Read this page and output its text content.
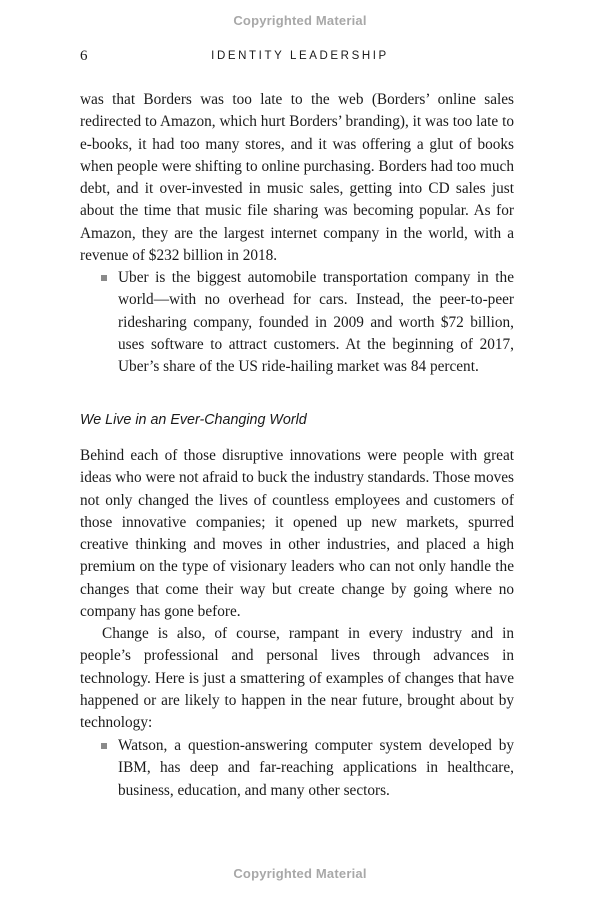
Copyrighted Material
6	IDENTITY LEADERSHIP
was that Borders was too late to the web (Borders’ online sales redirected to Amazon, which hurt Borders’ branding), it was too late to e-books, it had too many stores, and it was offering a glut of books when people were shifting to online purchasing. Borders had too much debt, and it over-invested in music sales, getting into CD sales just about the time that music file sharing was becoming popular. As for Amazon, they are the largest internet company in the world, with a revenue of $232 billion in 2018.
Uber is the biggest automobile transportation company in the world—with no overhead for cars. Instead, the peer-to-peer ridesharing company, founded in 2009 and worth $72 billion, uses software to attract customers. At the beginning of 2017, Uber’s share of the US ride-hailing market was 84 percent.
We Live in an Ever-Changing World
Behind each of those disruptive innovations were people with great ideas who were not afraid to buck the industry standards. Those moves not only changed the lives of countless employees and customers of those innovative companies; it opened up new markets, spurred creative thinking and moves in other industries, and placed a high premium on the type of visionary leaders who can not only handle the changes that come their way but create change by going where no company has gone before.
Change is also, of course, rampant in every industry and in people’s professional and personal lives through advances in technology. Here is just a smattering of examples of changes that have happened or are likely to happen in the near future, brought about by technology:
Watson, a question-answering computer system developed by IBM, has deep and far-reaching applications in healthcare, business, education, and many other sectors.
Copyrighted Material
